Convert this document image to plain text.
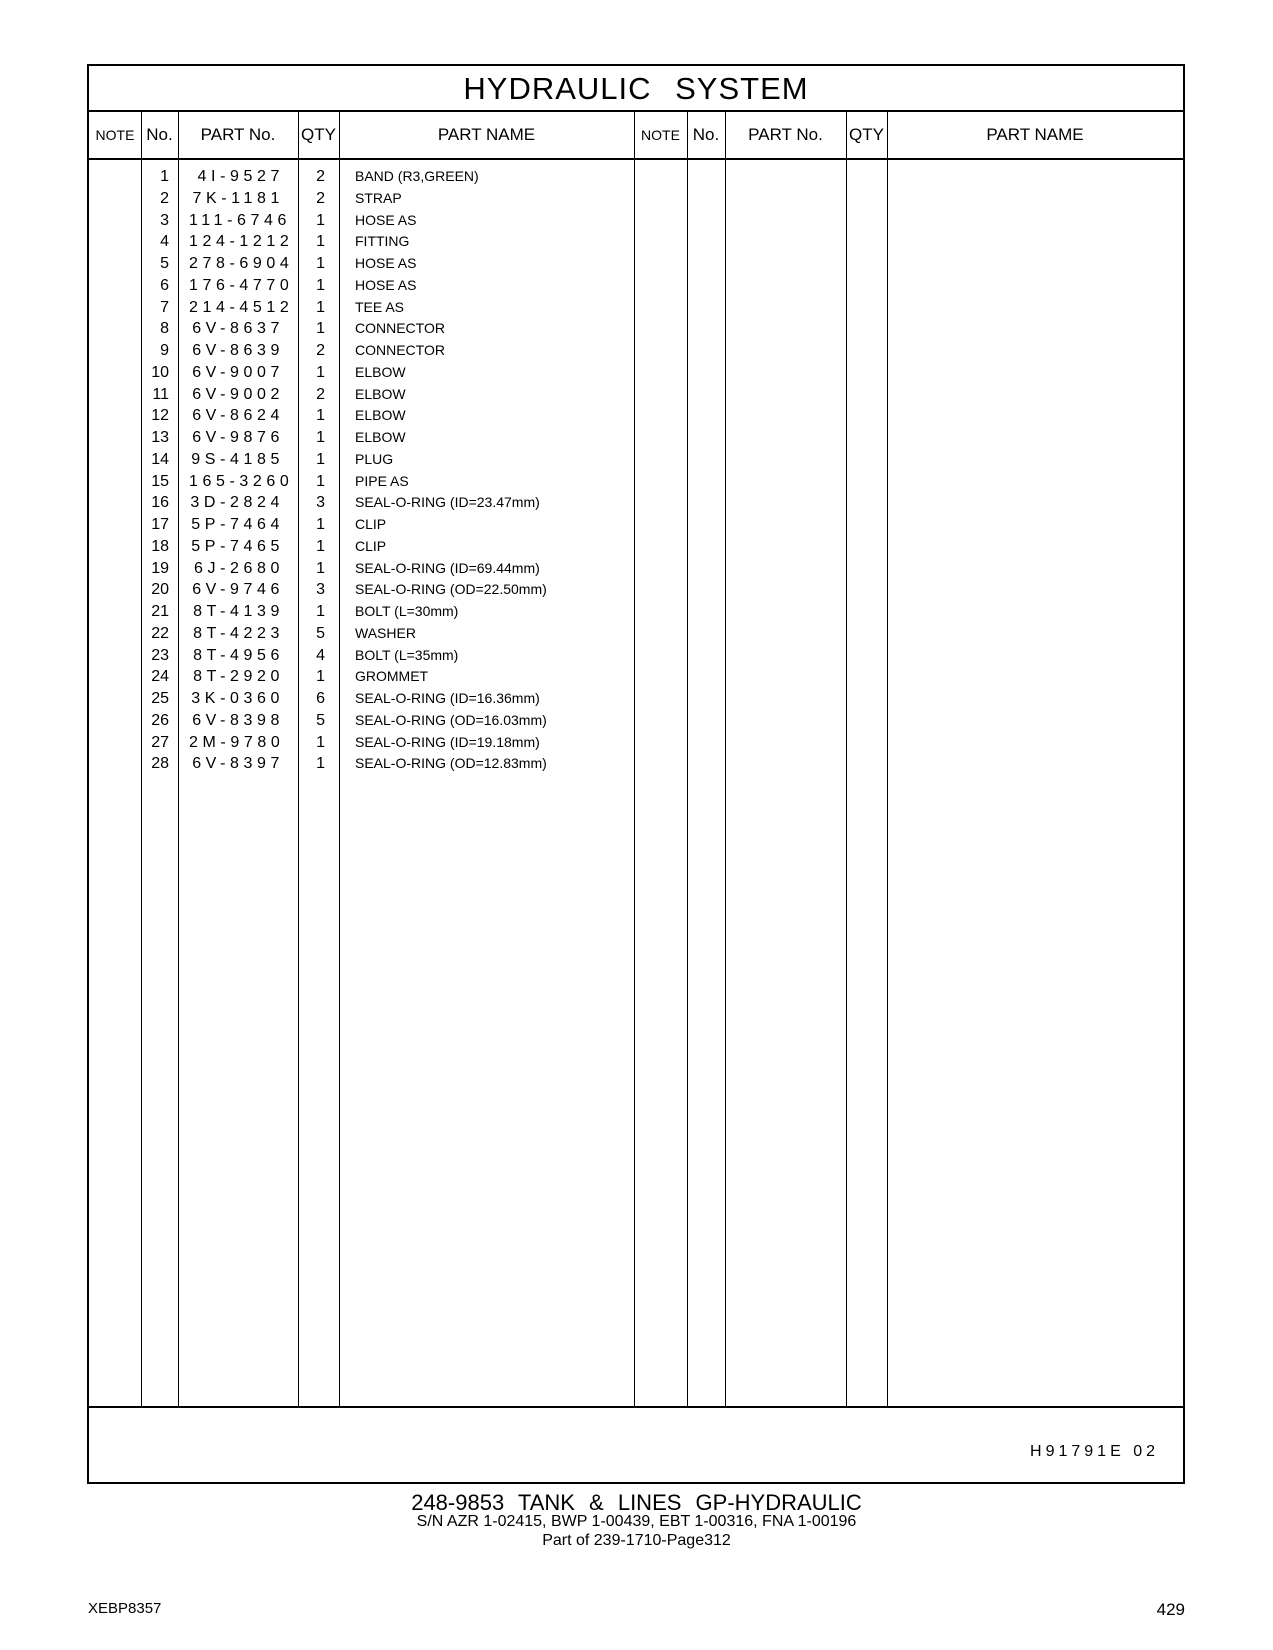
HYDRAULIC SYSTEM
NOTE No.	PART No.	QTY	PART NAME	NOTE No.	PART No.	QTY	PART NAME
1	4I-9527	2 BAND (R3,GREEN)
2 7K-1181	2 STRAP
3 111-6746	1 HOSE AS
4 124-1212	1 FITTING
5 278-6904	1 HOSE AS
6 176-4770	1 HOSE AS
7 214-4512	1 TEE AS
8 6V-8637	1 CONNECTOR
9 6V-8639	2 CONNECTOR
10 6V-9007	1 ELBOW
11 6V-9002	2 ELBOW
12 6V-8624	1 ELBOW
13 6V-9876	1 ELBOW
14 9S-4185	1 PLUG
15 165-3260	1 PIPE AS
16 3D-2824	3 SEAL-O-RING (ID=23.47mm)
17 5P-7464	1 CLIP
18 5P-7465	1 CLIP
19	6J-2680	1 SEAL-O-RING (ID=69.44mm)
20 6V-9746	3 SEAL-O-RING (OD=22.50mm)
21 8T-4139	1 BOLT (L=30mm)
22 8T-4223	5 WASHER
23 8T-4956	4 BOLT (L=35mm)
24 8T-2920	1 GROMMET
25 3K-0360	6 SEAL-O-RING (ID=16.36mm)
26 6V-8398	5 SEAL-O-RING (OD=16.03mm)
27 2M-9780	1 SEAL-O-RING (ID=19.18mm)
28 6V-8397	1 SEAL-O-RING (OD=12.83mm)
H91791E 02
248-9853 TANK & LINES GP-HYDRAULIC
S/N AZR 1-02415, BWP 1-00439, EBT 1-00316, FNA 1-00196
Part of 239-1710-Page312
XEBP8357	429
